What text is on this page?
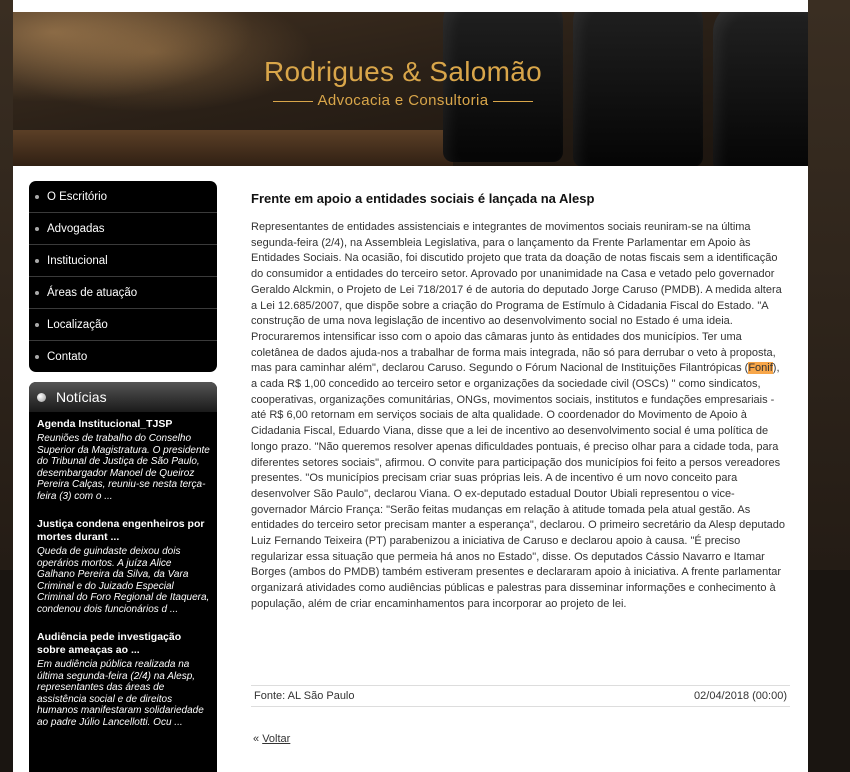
Rodrigues & Salomão
Advocacia e Consultoria
O Escritório
Advogadas
Institucional
Áreas de atuação
Localização
Contato
Notícias
Agenda Institucional_TJSP
Reuniões de trabalho do Conselho Superior da Magistratura. O presidente do Tribunal de Justiça de São Paulo, desembargador Manoel de Queiroz Pereira Calças, reuniu-se nesta terça-feira (3) com o ...
Justiça condena engenheiros por mortes durant ...
Queda de guindaste deixou dois operários mortos. A juíza Alice Galhano Pereira da Silva, da Vara Criminal e do Juizado Especial Criminal do Foro Regional de Itaquera, condenou dois funcionários d ...
Audiência pede investigação sobre ameaças ao ...
Em audiência pública realizada na última segunda-feira (2/4) na Alesp, representantes das áreas de assistência social e de direitos humanos manifestaram solidariedade ao padre Júlio Lancellotti. Ocu ...
Frente em apoio a entidades sociais é lançada na Alesp
Representantes de entidades assistenciais e integrantes de movimentos sociais reuniram-se na última segunda-feira (2/4), na Assembleia Legislativa, para o lançamento da Frente Parlamentar em Apoio às Entidades Sociais. Na ocasião, foi discutido projeto que trata da doação de notas fiscais sem a identificação do consumidor a entidades do terceiro setor. Aprovado por unanimidade na Casa e vetado pelo governador Geraldo Alckmin, o Projeto de Lei 718/2017 é de autoria do deputado Jorge Caruso (PMDB). A medida altera a Lei 12.685/2007, que dispõe sobre a criação do Programa de Estímulo à Cidadania Fiscal do Estado. "A construção de uma nova legislação de incentivo ao desenvolvimento social no Estado é uma ideia. Procuraremos intensificar isso com o apoio das câmaras junto às entidades dos municípios. Ter uma coletânea de dados ajuda-nos a trabalhar de forma mais integrada, não só para derrubar o veto à proposta, mas para caminhar além", declarou Caruso. Segundo o Fórum Nacional de Instituições Filantrópicas (Fonif), a cada R$ 1,00 concedido ao terceiro setor e organizações da sociedade civil (OSCs) " como sindicatos, cooperativas, organizações comunitárias, ONGs, movimentos sociais, institutos e fundações empresariais - até R$ 6,00 retornam em serviços sociais de alta qualidade. O coordenador do Movimento de Apoio à Cidadania Fiscal, Eduardo Viana, disse que a lei de incentivo ao desenvolvimento social é uma política de longo prazo. "Não queremos resolver apenas dificuldades pontuais, é preciso olhar para a cidade toda, para diferentes setores sociais", afirmou. O convite para participação dos municípios foi feito a persos vereadores presentes. "Os municípios precisam criar suas próprias leis. A de incentivo é um novo conceito para desenvolver São Paulo", declarou Viana. O ex-deputado estadual Doutor Ubiali representou o vice-governador Márcio França: "Serão feitas mudanças em relação à atitude tomada pela atual gestão. As entidades do terceiro setor precisam manter a esperança", declarou. O primeiro secretário da Alesp deputado Luiz Fernando Teixeira (PT) parabenizou a iniciativa de Caruso e declarou apoio à causa. "É preciso regularizar essa situação que permeia há anos no Estado", disse. Os deputados Cássio Navarro e Itamar Borges (ambos do PMDB) também estiveram presentes e declararam apoio à iniciativa. A frente parlamentar organizará atividades como audiências públicas e palestras para disseminar informações e conhecimento à população, além de criar encaminhamentos para incorporar ao projeto de lei.
Fonte: AL São Paulo	02/04/2018 (00:00)
« Voltar
